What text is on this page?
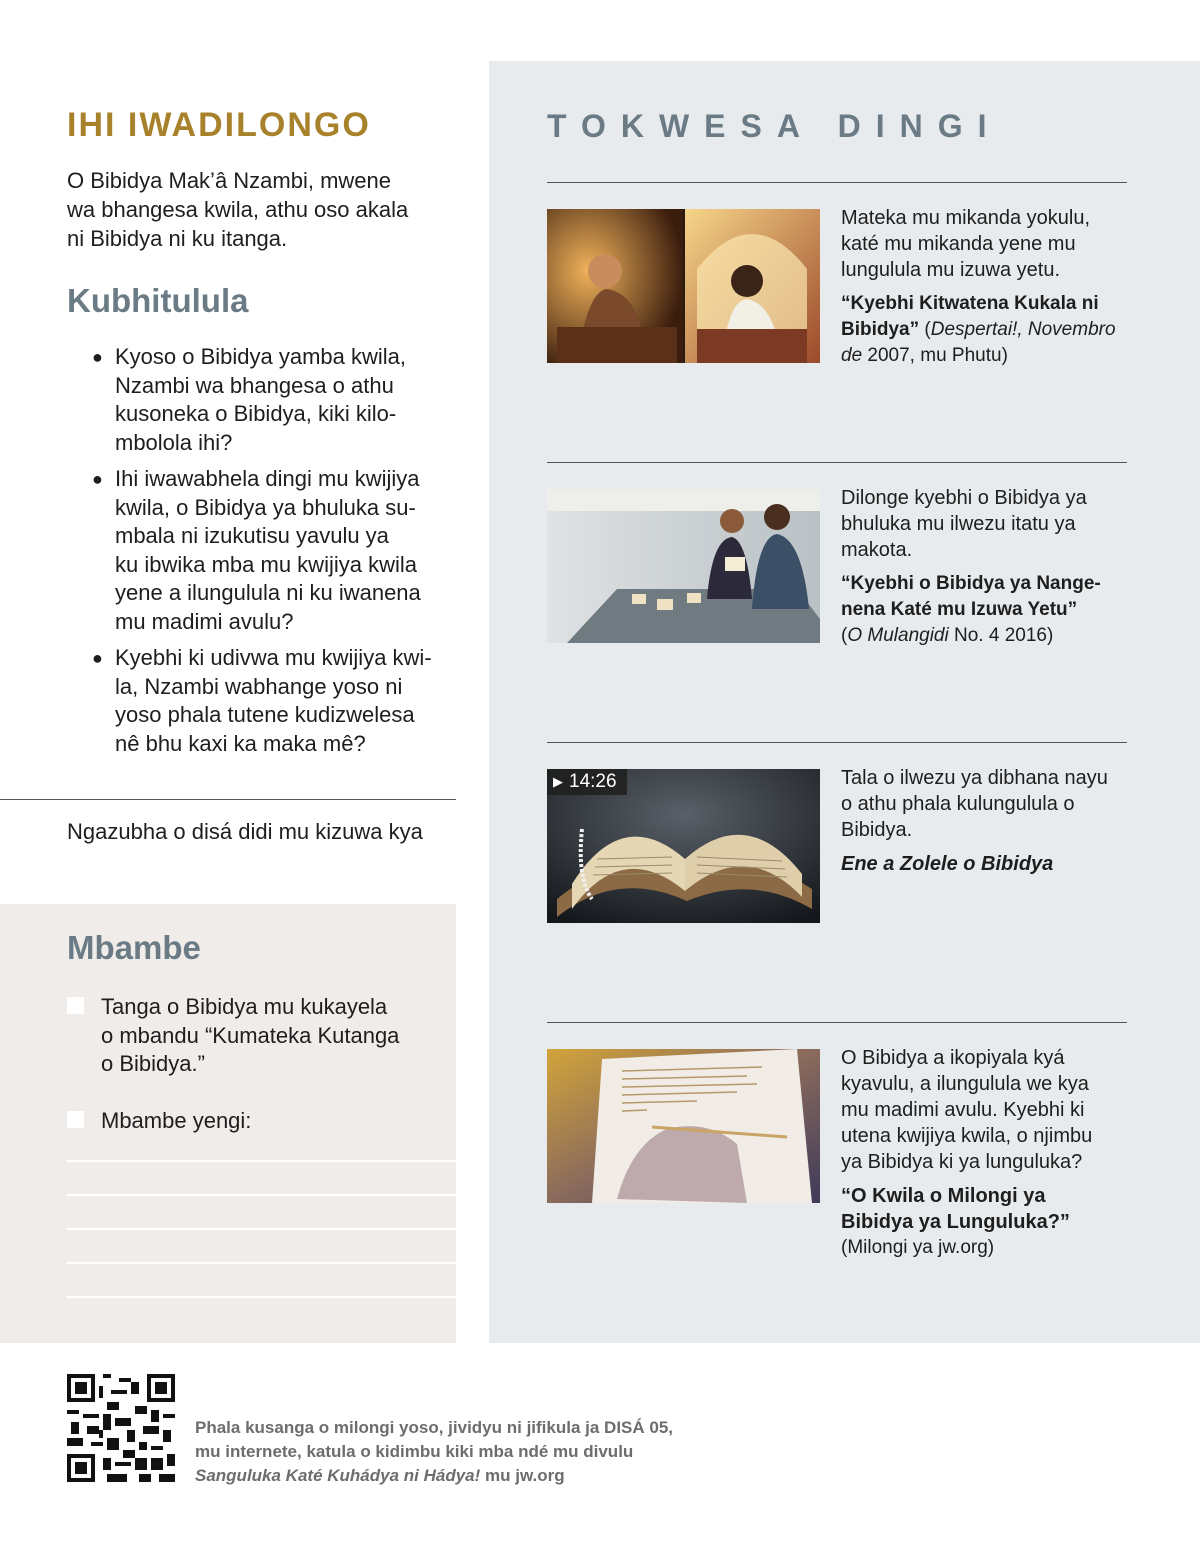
IHI IWADILONGO

O Bibidya Mak’â Nzambi, mwene
wa bhangesa kwila, athu oso akala
ni Bibidya ni ku itanga.

Kubhitulula
● Kyoso o Bibidya yamba kwila,
Nzambi wa bhangesa o athu
kusoneka o Bibidya, kiki kilo-
mbolola ihi?
● Ihi iwawabhela dingi mu kwijiya
kwila, o Bibidya ya bhuluka su-
mbala ni izukutisu yavulu ya
ku ibwika mba mu kwijiya kwila
yene a ilungulula ni ku iwanena
mu madimi avulu?
● Kyebhi ki udivwa mu kwijiya kwi-
la, Nzambi wabhange yoso ni
yoso phala tutene kudizwelesa
nê bhu kaxi ka maka mê?

Ngazubha o disá didi mu kizuwa kya

Mbambe
Tanga o Bibidya mu kukayela
o mbandu “Kumateka Kutanga
o Bibidya.”
Mbambe yengi:
TOKWESA DINGI

Mateka mu mikanda yokulu,
katé mu mikanda yene mu
lungulula mu izuwa yetu.

“Kyebhi Kitwatena Kukala ni
Bibidya” (Despertai!, Novembro
de 2007, mu Phutu)

Dilonge kyebhi o Bibidya ya
bhuluka mu ilwezu itatu ya
makota.

“Kyebhi o Bibidya ya Nange-
nena Katé mu Izuwa Yetu”
(O Mulangidi No. 4 2016)

▶ 14:26	Tala o ilwezu ya dibhana nayu
o athu phala kulungulula o
Bibidya.

Ene a Zolele o Bibidya

O Bibidya a ikopiyala kyá
kyavulu, a ilungulula we kya
mu madimi avulu. Kyebhi ki
utena kwijiya kwila, o njimbu
ya Bibidya ki ya lunguluka?

“O Kwila o Milongi ya
Bibidya ya Lunguluka?”

(Milongi ya jw.org)

Phala kusanga o milongi yoso, jividyu ni jifikula ja DISÁ 05,
mu internete, katula o kidimbu kiki mba ndé mu divulu
Sanguluka Katé Kuhádya ni Hádya! mu jw.org
